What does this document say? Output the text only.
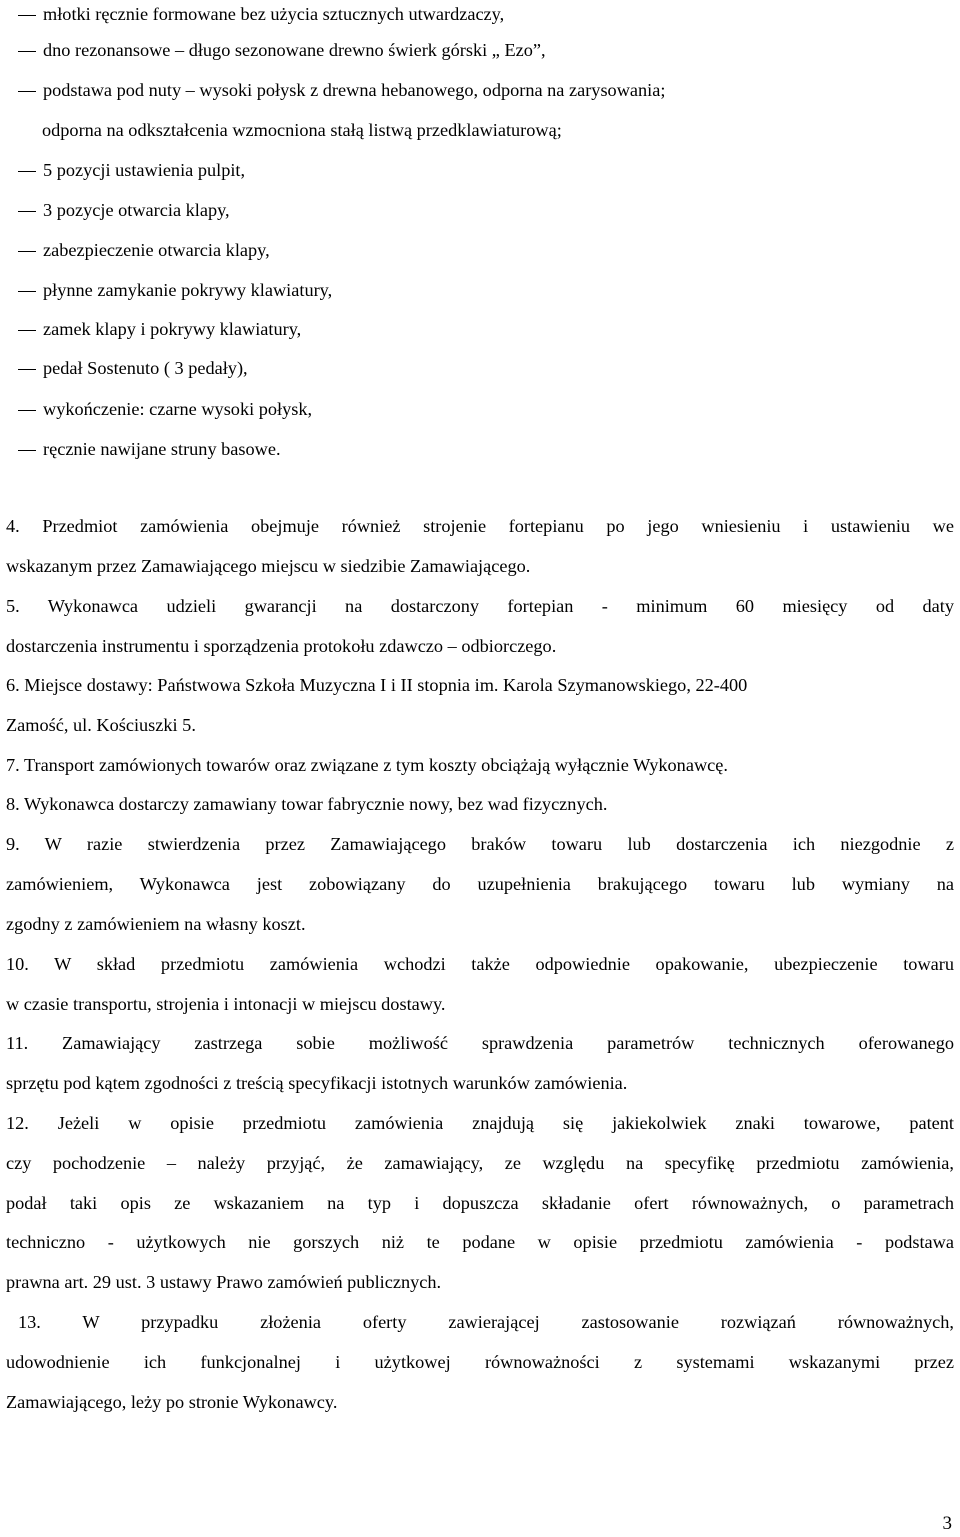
młotki ręcznie formowane bez użycia sztucznych utwardzaczy,
dno rezonansowe – długo sezonowane drewno świerk górski „ Ezo”,
podstawa pod nuty – wysoki połysk z drewna hebanowego, odporna na zarysowania;
odporna na odkształcenia wzmocniona stałą listwą przedklawiaturową;
5 pozycji ustawienia pulpit,
3 pozycje otwarcia klapy,
zabezpieczenie otwarcia klapy,
płynne zamykanie pokrywy klawiatury,
zamek klapy i pokrywy klawiatury,
pedał Sostenuto ( 3 pedały),
wykończenie: czarne wysoki połysk,
ręcznie nawijane struny basowe.
4. Przedmiot zamówienia obejmuje również strojenie fortepianu po jego wniesieniu i ustawieniu we
wskazanym przez Zamawiającego miejscu w siedzibie Zamawiającego.
5. Wykonawca udzieli gwarancji na dostarczony fortepian - minimum 60 miesięcy od daty
dostarczenia instrumentu i sporządzenia protokołu zdawczo – odbiorczego.
6. Miejsce dostawy: Państwowa Szkoła Muzyczna I i II stopnia im. Karola Szymanowskiego, 22-400
Zamość, ul. Kościuszki 5.
7. Transport zamówionych towarów oraz związane z tym koszty obciążają wyłącznie Wykonawcę.
8. Wykonawca dostarczy zamawiany towar fabrycznie nowy, bez wad fizycznych.
9. W razie stwierdzenia przez Zamawiającego braków towaru lub dostarczenia ich niezgodnie z
zamówieniem, Wykonawca jest zobowiązany do uzupełnienia brakującego towaru lub wymiany na
zgodny z zamówieniem na własny koszt.
10. W skład przedmiotu zamówienia wchodzi także odpowiednie opakowanie, ubezpieczenie towaru
w czasie transportu, strojenia i intonacji w miejscu dostawy.
11. Zamawiający zastrzega sobie możliwość sprawdzenia parametrów technicznych oferowanego
sprzętu pod kątem zgodności z treścią specyfikacji istotnych warunków zamówienia.
12. Jeżeli w opisie przedmiotu zamówienia znajdują się jakiekolwiek znaki towarowe, patent
czy pochodzenie – należy przyjąć, że zamawiający, ze względu na specyfikę przedmiotu zamówienia,
podał taki opis ze wskazaniem na typ i dopuszcza składanie ofert równoważnych, o parametrach
techniczno - użytkowych nie gorszych niż te podane w opisie przedmiotu zamówienia - podstawa
prawna art. 29 ust. 3 ustawy Prawo zamówień publicznych.
13. W przypadku złożenia oferty zawierającej zastosowanie rozwiązań równoważnych,
udowodnienie ich funkcjonalnej i użytkowej równoważności z systemami wskazanymi przez
Zamawiającego, leży po stronie Wykonawcy.
3
